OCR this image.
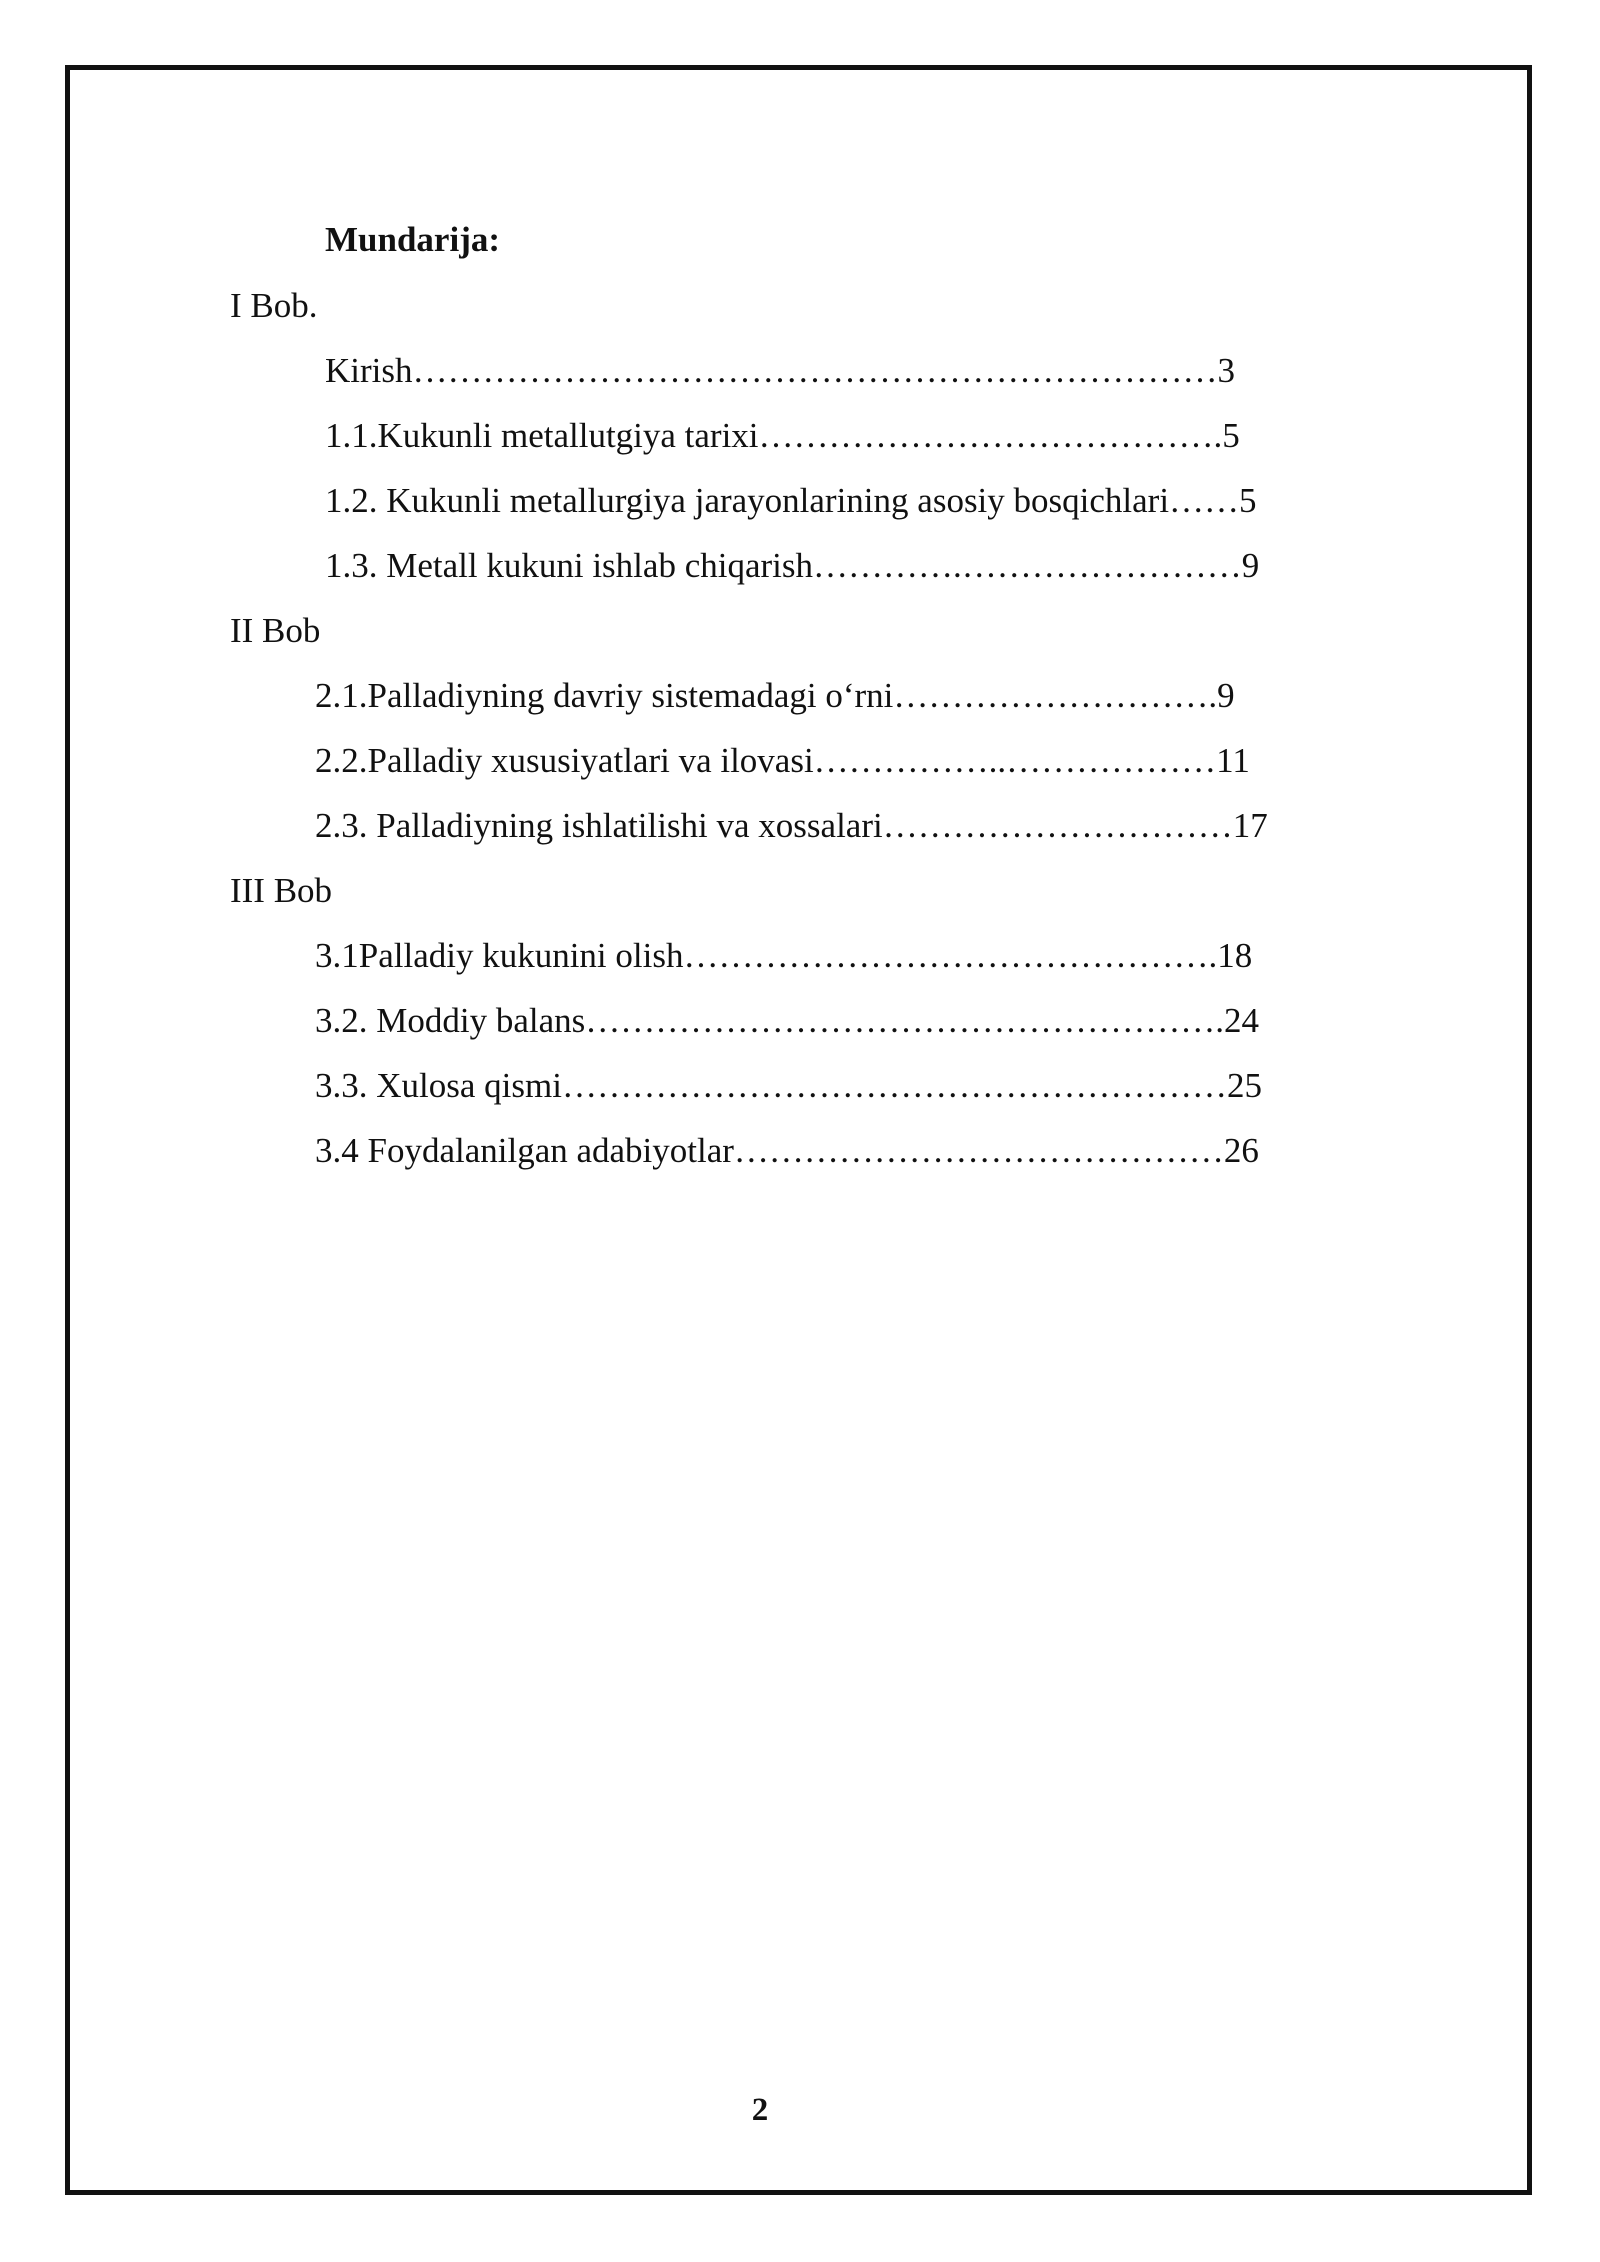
Mundarija:
I Bob.
Kirish……………………………………………………………3
1.1.Kukunli metallutgiya tarixi………………………………….5
1.2. Kukunli metallurgiya jarayonlarining asosiy bosqichlari……5
1.3. Metall kukuni ishlab chiqarish………….……………………9
II Bob
2.1.Palladiyning davriy sistemadagi o‘rni……………………….9
2.2.Palladiy xususiyatlari va ilovasi……………..………………11
2.3. Palladiyning ishlatilishi va xossalari…………………………17
III Bob
3.1Palladiy kukunini olish……………………………………….18
3.2. Moddiy balans……………………………………………….24
3.3. Xulosa qismi…………………………………………………25
3.4 Foydalanilgan adabiyotlar……………………………………26
2
